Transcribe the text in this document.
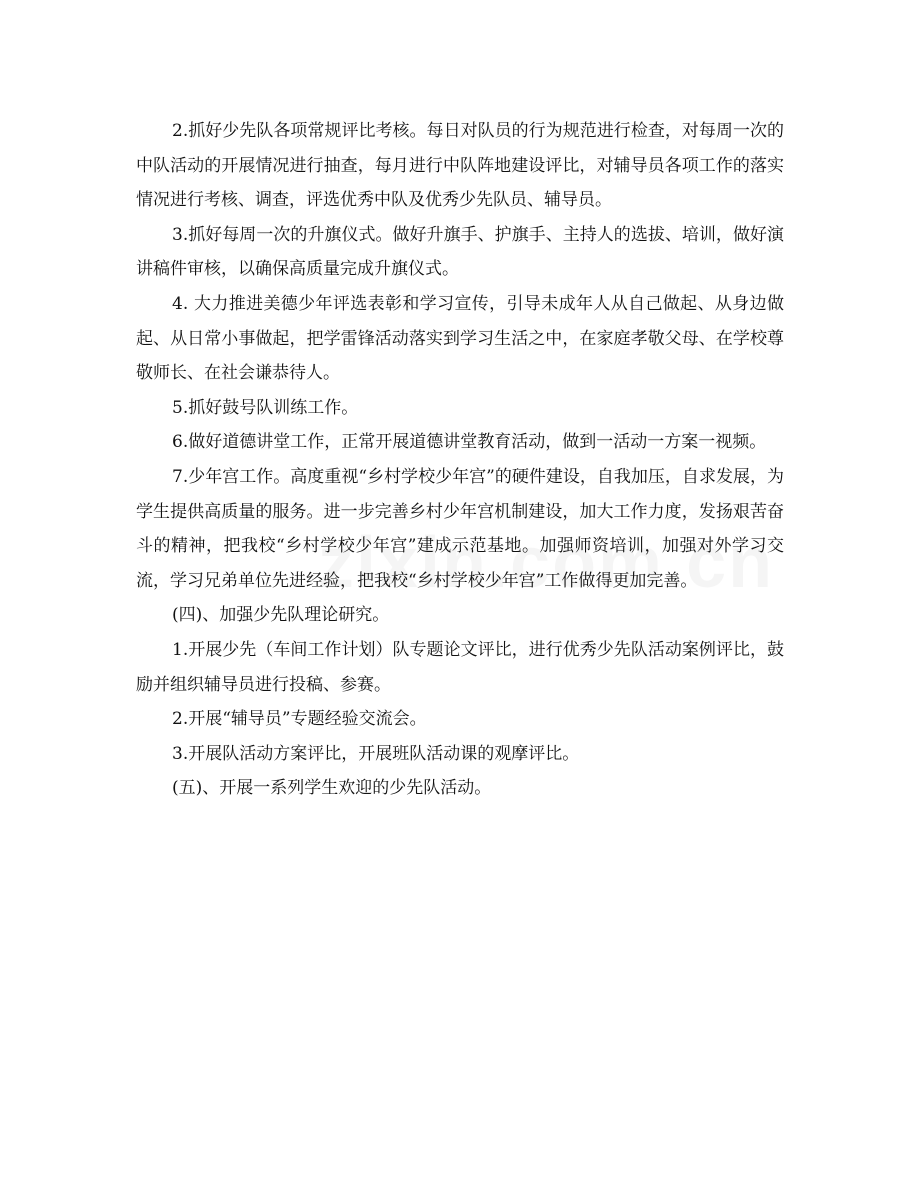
2.抓好少先队各项常规评比考核。每日对队员的行为规范进行检查，对每周一次的中队活动的开展情况进行抽查，每月进行中队阵地建设评比，对辅导员各项工作的落实情况进行考核、调查，评选优秀中队及优秀少先队员、辅导员。

3.抓好每周一次的升旗仪式。做好升旗手、护旗手、主持人的选拔、培训，做好演讲稿件审核，以确保高质量完成升旗仪式。

4. 大力推进美德少年评选表彰和学习宣传，引导未成年人从自己做起、从身边做起、从日常小事做起，把学雷锋活动落实到学习生活之中，在家庭孝敬父母、在学校尊敬师长、在社会谦恭待人。

5.抓好鼓号队训练工作。

6.做好道德讲堂工作，正常开展道德讲堂教育活动，做到一活动一方案一视频。

7.少年宫工作。高度重视“乡村学校少年宫”的硬件建设，自我加压，自求发展，为学生提供高质量的服务。进一步完善乡村少年宫机制建设，加大工作力度，发扬艰苦奋斗的精神，把我校“乡村学校少年宫”建成示范基地。加强师资培训，加强对外学习交流，学习兄弟单位先进经验，把我校“乡村学校少年宫”工作做得更加完善。

(四)、加强少先队理论研究。

1.开展少先（车间工作计划）队专题论文评比，进行优秀少先队活动案例评比，鼓励并组织辅导员进行投稿、参赛。

2.开展“辅导员”专题经验交流会。

3.开展队活动方案评比，开展班队活动课的观摩评比。

(五)、开展一系列学生欢迎的少先队活动。
